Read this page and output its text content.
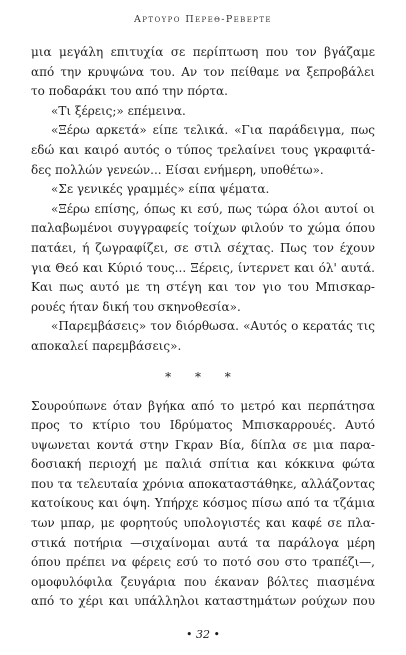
Αρτουρο Περεθ-Ρεβερτε
μια μεγάλη επιτυχία σε περίπτωση που τον βγάζαμε
από την κρυψώνα του. Αν τον πείθαμε να ξεπροβάλει
το ποδαράκι του από την πόρτα.
«Τι ξέρεις;» επέμεινα.
«Ξέρω αρκετά» είπε τελικά. «Για παράδειγμα, πως
εδώ και καιρό αυτός ο τύπος τρελαίνει τους γκραφιτά-
δες πολλών γενεών... Είσαι ενήμερη, υποθέτω».
«Σε γενικές γραμμές» είπα ψέματα.
«Ξέρω επίσης, όπως κι εσύ, πως τώρα όλοι αυτοί οι
παλαβωμένοι συγγραφείς τοίχων φιλούν το χώμα όπου
πατάει, ή ζωγραφίζει, σε στιλ σέχτας. Πως τον έχουν
για Θεό και Κύριό τους... Ξέρεις, ίντερνετ και όλ' αυτά.
Και πως αυτό με τη στέγη και τον γιο του Μπισκαρ-
ρουές ήταν δική του σκηνοθεσία».
«Παρεμβάσεις» τον διόρθωσα. «Αυτός ο κερατάς τις
αποκαλεί παρεμβάσεις».
* * *
Σουρούπωνε όταν βγήκα από το μετρό και περπάτησα
προς το κτίριο του Ιδρύματος Μπισκαρρουές. Αυτό
υψωνεται κοντά στην Γκραν Βία, δίπλα σε μια παρα-
δοσιακή περιοχή με παλιά σπίτια και κόκκινα φώτα
που τα τελευταία χρόνια αποκαταστάθηκε, αλλάζοντας
κατοίκους και όψη. Υπήρχε κόσμος πίσω από τα τζάμια
των μπαρ, με φορητούς υπολογιστές και καφέ σε πλα-
στικά ποτήρια —σιχαίνομαι αυτά τα παράλογα μέρη
όπου πρέπει να φέρεις εσύ το ποτό σου στο τραπέζι—,
ομοφυλόφιλα ζευγάρια που έκαναν βόλτες πιασμένα
από το χέρι και υπάλληλοι καταστημάτων ρούχων που
• 32 •
